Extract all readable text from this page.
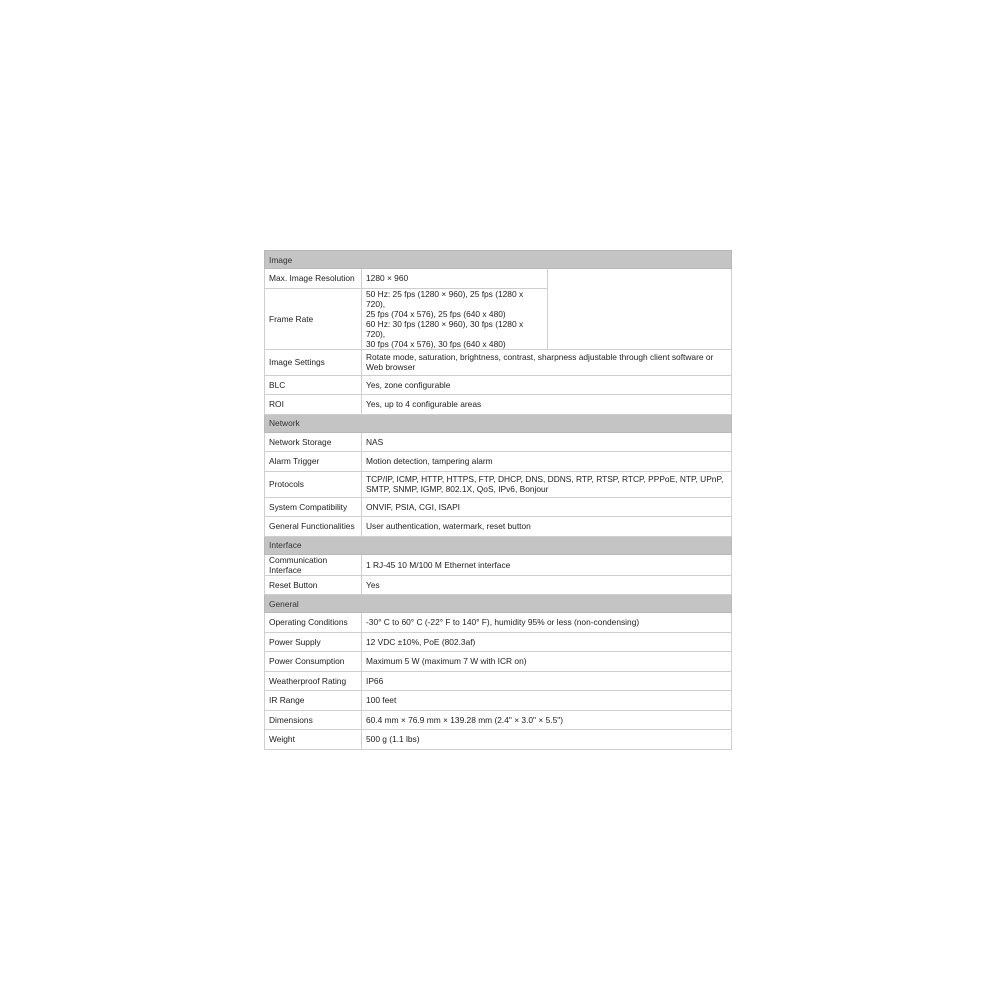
Image		
Max. Image Resolution	1280 × 960	
Frame Rate	50 Hz: 25 fps (1280 × 960), 25 fps (1280 x 720),
25 fps (704 x 576), 25 fps (640 x 480)
60 Hz: 30 fps (1280 × 960), 30 fps (1280 x 720),
30 fps (704 x 576), 30 fps (640 x 480)	

Image Settings	Rotate mode, saturation, brightness, contrast, sharpness adjustable through client software or Web browser	
BLC	Yes, zone configurable	
ROI	Yes, up to 4 configurable areas	
Network		
Network Storage	NAS	
Alarm Trigger	Motion detection, tampering alarm	
Protocols	TCP/IP, ICMP, HTTP, HTTPS, FTP, DHCP, DNS, DDNS, RTP, RTSP, RTCP, PPPoE, NTP, UPnP, SMTP, SNMP, IGMP, 802.1X, QoS, IPv6, Bonjour	
System Compatibility	ONVIF, PSIA, CGI, ISAPI	
General Functionalities	User authentication, watermark, reset button	
Interface		
Communication Interface	1 RJ-45 10 M/100 M Ethernet interface	
Reset Button	Yes	
General		
Operating Conditions	-30° C to 60° C (-22° F to 140° F), humidity 95% or less (non-condensing)	
Power Supply	12 VDC ±10%, PoE (802.3af)	
Power Consumption	Maximum 5 W (maximum 7 W with ICR on)	
Weatherproof Rating	IP66	
IR Range	100 feet	
Dimensions	60.4 mm × 76.9 mm × 139.28 mm (2.4" × 3.0" × 5.5")	
Weight	500 g (1.1 lbs)	
